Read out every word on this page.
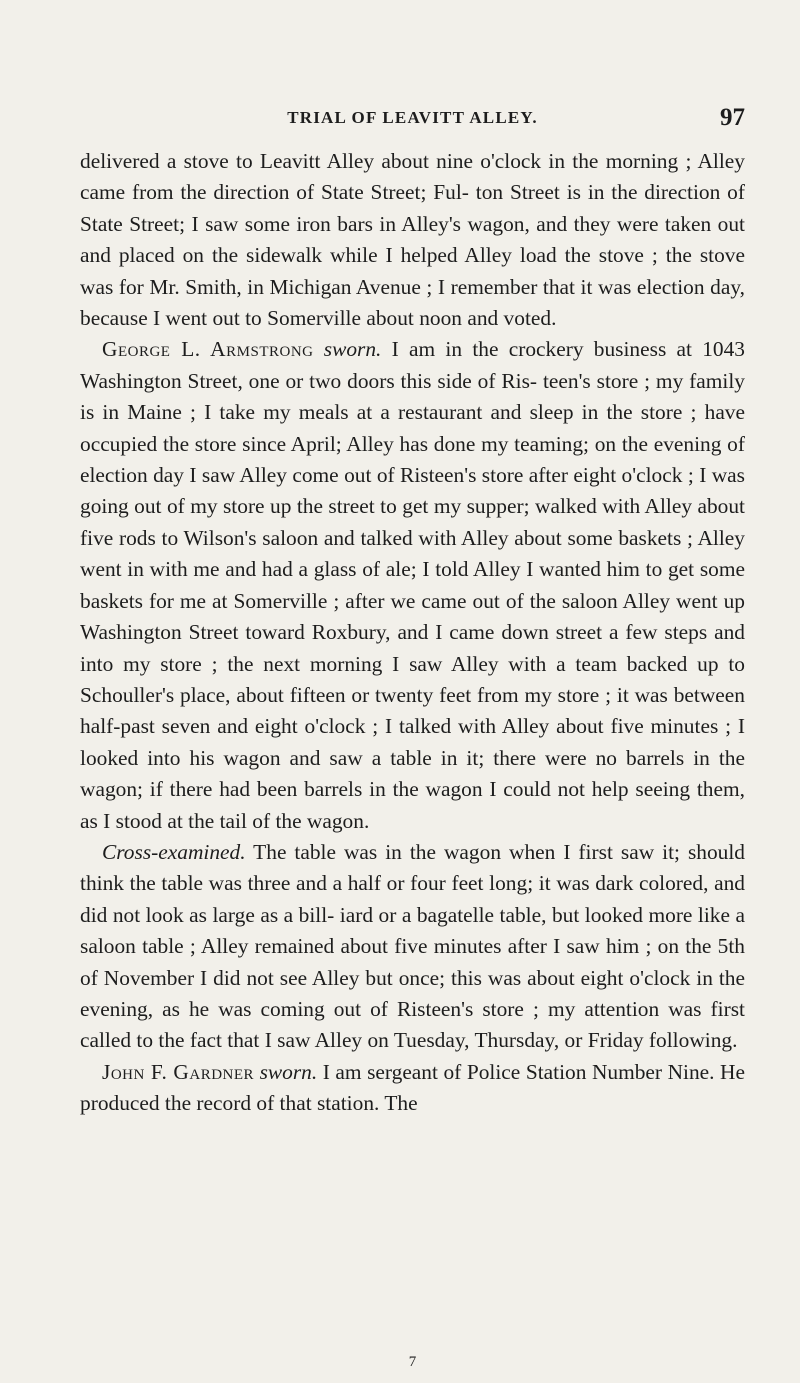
TRIAL OF LEAVITT ALLEY.	97

delivered a stove to Leavitt Alley about nine o'clock in the morning ; Alley came from the direction of State Street; Ful- ton Street is in the direction of State Street; I saw some iron bars in Alley's wagon, and they were taken out and placed on the sidewalk while I helped Alley load the stove ; the stove was for Mr. Smith, in Michigan Avenue ; I remember that it was election day, because I went out to Somerville about noon and voted.

George L. Armstrong sworn. I am in the crockery business at 1043 Washington Street, one or two doors this side of Ris- teen's store ; my family is in Maine ; I take my meals at a restaurant and sleep in the store ; have occupied the store since April; Alley has done my teaming; on the evening of election day I saw Alley come out of Risteen's store after eight o'clock ; I was going out of my store up the street to get my supper; walked with Alley about five rods to Wilson's saloon and talked with Alley about some baskets ; Alley went in with me and had a glass of ale; I told Alley I wanted him to get some baskets for me at Somerville ; after we came out of the saloon Alley went up Washington Street toward Roxbury, and I came down street a few steps and into my store ; the next morning I saw Alley with a team backed up to Schouller's place, about fifteen or twenty feet from my store ; it was between half-past seven and eight o'clock ; I talked with Alley about five minutes ; I looked into his wagon and saw a table in it; there were no barrels in the wagon; if there had been barrels in the wagon I could not help seeing them, as I stood at the tail of the wagon.

Cross-examined. The table was in the wagon when I first saw it; should think the table was three and a half or four feet long; it was dark colored, and did not look as large as a bill- iard or a bagatelle table, but looked more like a saloon table ; Alley remained about five minutes after I saw him ; on the 5th of November I did not see Alley but once; this was about eight o'clock in the evening, as he was coming out of Risteen's store ; my attention was first called to the fact that I saw Alley on Tuesday, Thursday, or Friday following.

John F. Gardner sworn. I am sergeant of Police Station Number Nine. He produced the record of that station. The

7
